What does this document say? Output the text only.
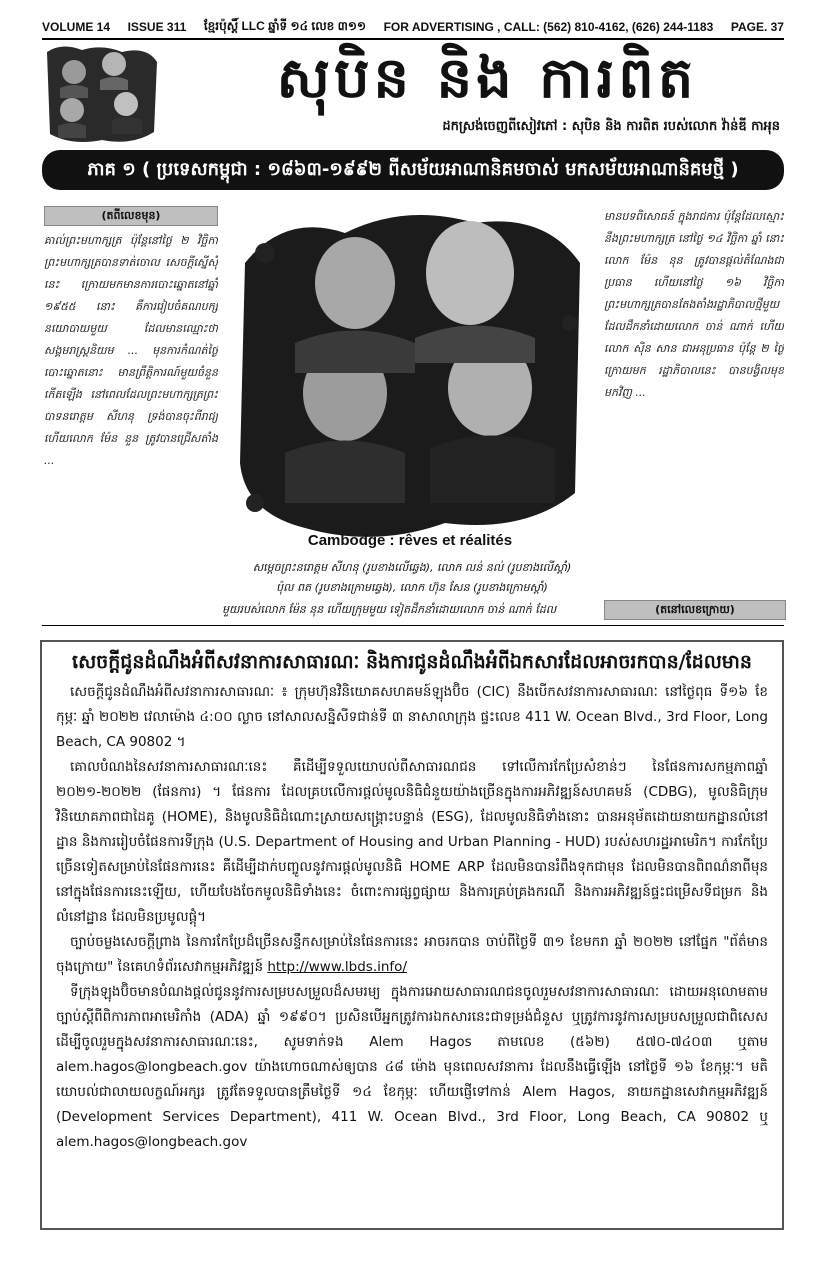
VOLUME 14 ISSUE 311 ខ្មែរប៉ុស្តិ៍ LLC ឆ្នាំទី ១៤ លេខ ៣១១ FOR ADVERTISING , CALL: (562) 810-4162, (626) 244-1183 PAGE. 37
សុបិន និង ការពិត
ដកស្រង់ចេញពីសៀវភៅ : សុបិន និង ការពិត របស់លោក វ៉ាន់ឌី កាអុន
ភាគ ១ ( ប្រទេសកម្ពុជា : ១៨៦៣-១៩៩២ ពីសម័យអាណានិគមចាស់ មកសម័យអាណានិគមថ្មី )
(តពីលេខមុន)
គាល់ព្រះមហាក្សត្រ ប៉ុន្តែនៅថ្ងៃ ២ វិច្ឆិកា ព្រះមហាក្សត្របានទាត់ចោល សេចក្តីស្នើសុំនេះ ក្រោយមកមានការបោះឆ្នោតនៅឆ្នាំ ១៩៥៥ នោះ គឺការរៀបចំគណបក្សនយោបាយមួយ ដែលមានឈ្មោះថា សង្គមរាស្ត្រនិយម ... មុនការកំណត់ថ្ងៃបោះឆ្នោតនោះ មានព្រឹត្តិការណ៍មួយចំនួនកើតឡើង នៅពេលដែលព្រះមហាក្សត្រព្រះបាទនរោត្តម សីហនុ ទ្រង់បានចុះពីរាជ្យ ហើយលោក ម៉ែន នួន ត្រូវបានជ្រើសតាំង ...
Cambodge : rêves et réalités
សម្តេចព្រះនរោត្តម សីហនុ (រូបខាងលើឆ្វេង), លោក លន់ នល់ (រូបខាងលើស្តាំ)
ប៉ុល ពត (រូបខាងក្រោមឆ្វេង), លោក ហ៊ុន សែន (រូបខាងក្រោមស្តាំ)
មួយរបស់លោក ម៉ែន នុន ហើយក្រុមមួយ ទៀតដឹកនាំដោយលោក ចាន់ ណាក់ ដែល
មានបទពិសោធន៍ ក្នុងរាជការ ប៉ុន្តែដែលស្មោះនឹងព្រះមហាក្សត្រ នៅថ្ងៃ ១៤ វិច្ឆិកា ឆ្នាំ នោះ លោក ម៉ែន នុន ត្រូវបានផ្តល់តំណែងជាប្រធាន ហើយនៅថ្ងៃ ១៦ វិច្ឆិកា ព្រះមហាក្សត្របានតែងតាំងរដ្ឋាភិបាលថ្មីមួយ ដែលដឹកនាំដោយលោក ចាន់ ណាក់ ហើយលោក ស៊ិន សាន ជាអនុប្រធាន ប៉ុន្តែ ២ ថ្ងៃក្រោយមក រដ្ឋាភិបាលនេះ បានបង្វិលមុខមកវិញ ...
(តនៅលេខក្រោយ)
សេចក្តីជូនដំណឹងអំពីសវនាការសាធារណៈ និងការជូនដំណឹងអំពីឯកសារដែលអាចរកបាន/ដែលមាន

សេចក្តីជូនដំណឹងអំពីសវនាការសាធារណៈ ៖ ក្រុមហ៊ុនវិនិយោគសហគមន៍ឡុងប៊ិច (CIC) នឹងបើកសវនាការសាធារណៈ នៅថ្ងៃពុធ ទី១៦ ខែកុម្ភៈ ឆ្នាំ ២០២២ វេលាម៉ោង ៤:០០ ល្ងាច នៅសាលសន្និសីទជាន់ទី ៣ នាសាលាក្រុង ផ្ទះលេខ 411 W. Ocean Blvd., 3rd Floor, Long Beach, CA 90802 ។

គោលបំណងនៃសវនាការសាធារណៈនេះ គឺដើម្បីទទួលយោបល់ពីសាធារណជន ទៅលើការកែប្រែសំខាន់ៗ នៃផែនការសកម្មភាពឆ្នាំ ២០២១-២០២២ (ផែនការ) ។ ផែនការ ដែលគ្របលើការផ្តល់មូលនិធិជំនួយយ៉ាងច្រើនក្នុងការអភិវឌ្ឍន៍សហគមន៍ (CDBG), មូលនិធិក្រុមវិនិយោគភាពជាដៃគូ (HOME), និងមូលនិធិដំណោះស្រាយសង្គ្រោះបន្ទាន់ (ESG), ដែលមូលនិធិទាំងនោះ បានអនុម័តដោយនាយកដ្ឋានលំនៅដ្ឋាន និងការរៀបចំផែនការទីក្រុង (U.S. Department of Housing and Urban Planning - HUD) របស់សហរដ្ឋអាមេរិក។ ការកែប្រែច្រើនទៀតសម្រាប់នៃផែនការនេះ គឺដើម្បីដាក់បញ្ចូលនូវការផ្តល់មូលនិធិ HOME ARP ដែលមិនបានរំពឹងទុកជាមុន ដែលមិនបានពិពណ៌នាពីមុននៅក្នុងផែនការនេះឡើយ, ហើយបែងចែកមូលនិធិទាំងនេះ ចំពោះការផ្សព្វផ្សាយ និងការគ្រប់គ្រងករណី និងការអភិវឌ្ឍន៍ផ្ទះជម្រើសទីជម្រក និងលំនៅដ្ឋាន ដែលមិនប្រមូលផ្តុំ។

ច្បាប់ចម្លងសេចក្តីព្រាង នៃការកែប្រែដ៏ច្រើនសន្ទឹកសម្រាប់នៃផែនការនេះ អាចរកបាន ចាប់ពីថ្ងៃទី ៣១ ខែមករា ឆ្នាំ ២០២២ នៅផ្នែក "ព័ត៌មានចុងក្រោយ" នៃគេហទំព័រសេវាកម្មអភិវឌ្ឍន៍ http://www.lbds.info/

ទីក្រុងឡុងប៊ិចមានបំណងផ្តល់ជូននូវការសម្របសម្រួលដ៏សមរម្យ ក្នុងការអោយសាធារណជនចូលរួមសវនាការសាធារណៈ ដោយអនុលោមតាមច្បាប់ស្តីពីពិការភាពអាមេរិកាំង (ADA) ឆ្នាំ ១៩៩០។ ប្រសិនបើអ្នកត្រូវការឯកសារនេះជាទម្រង់ជំនួស ឬត្រូវការនូវការសម្របសម្រួលជាពិសេស ដើម្បីចូលរួមក្នុងសវនាការសាធារណៈនេះ, សូមទាក់ទង Alem Hagos តាមលេខ (៥៦២) ៥៧០-៧៤០៣ ឬតាម alem.hagos@longbeach.gov យ៉ាងហោចណាស់ឲ្យបាន ៤៨ ម៉ោង មុនពេលសវនាការ ដែលនឹងធ្វើឡើង នៅថ្ងៃទី ១៦ ខែកុម្ភៈ។ មតិយោបល់ជាលាយលក្ខណ៍អក្សរ ត្រូវតែទទួលបានត្រឹមថ្ងៃទី ១៤ ខែកុម្ភៈ ហើយផ្ញើទៅកាន់ Alem Hagos, នាយកដ្ឋានសេវាកម្មអភិវឌ្ឍន៍ (Development Services Department), 411 W. Ocean Blvd., 3rd Floor, Long Beach, CA 90802 ឬ alem.hagos@longbeach.gov
